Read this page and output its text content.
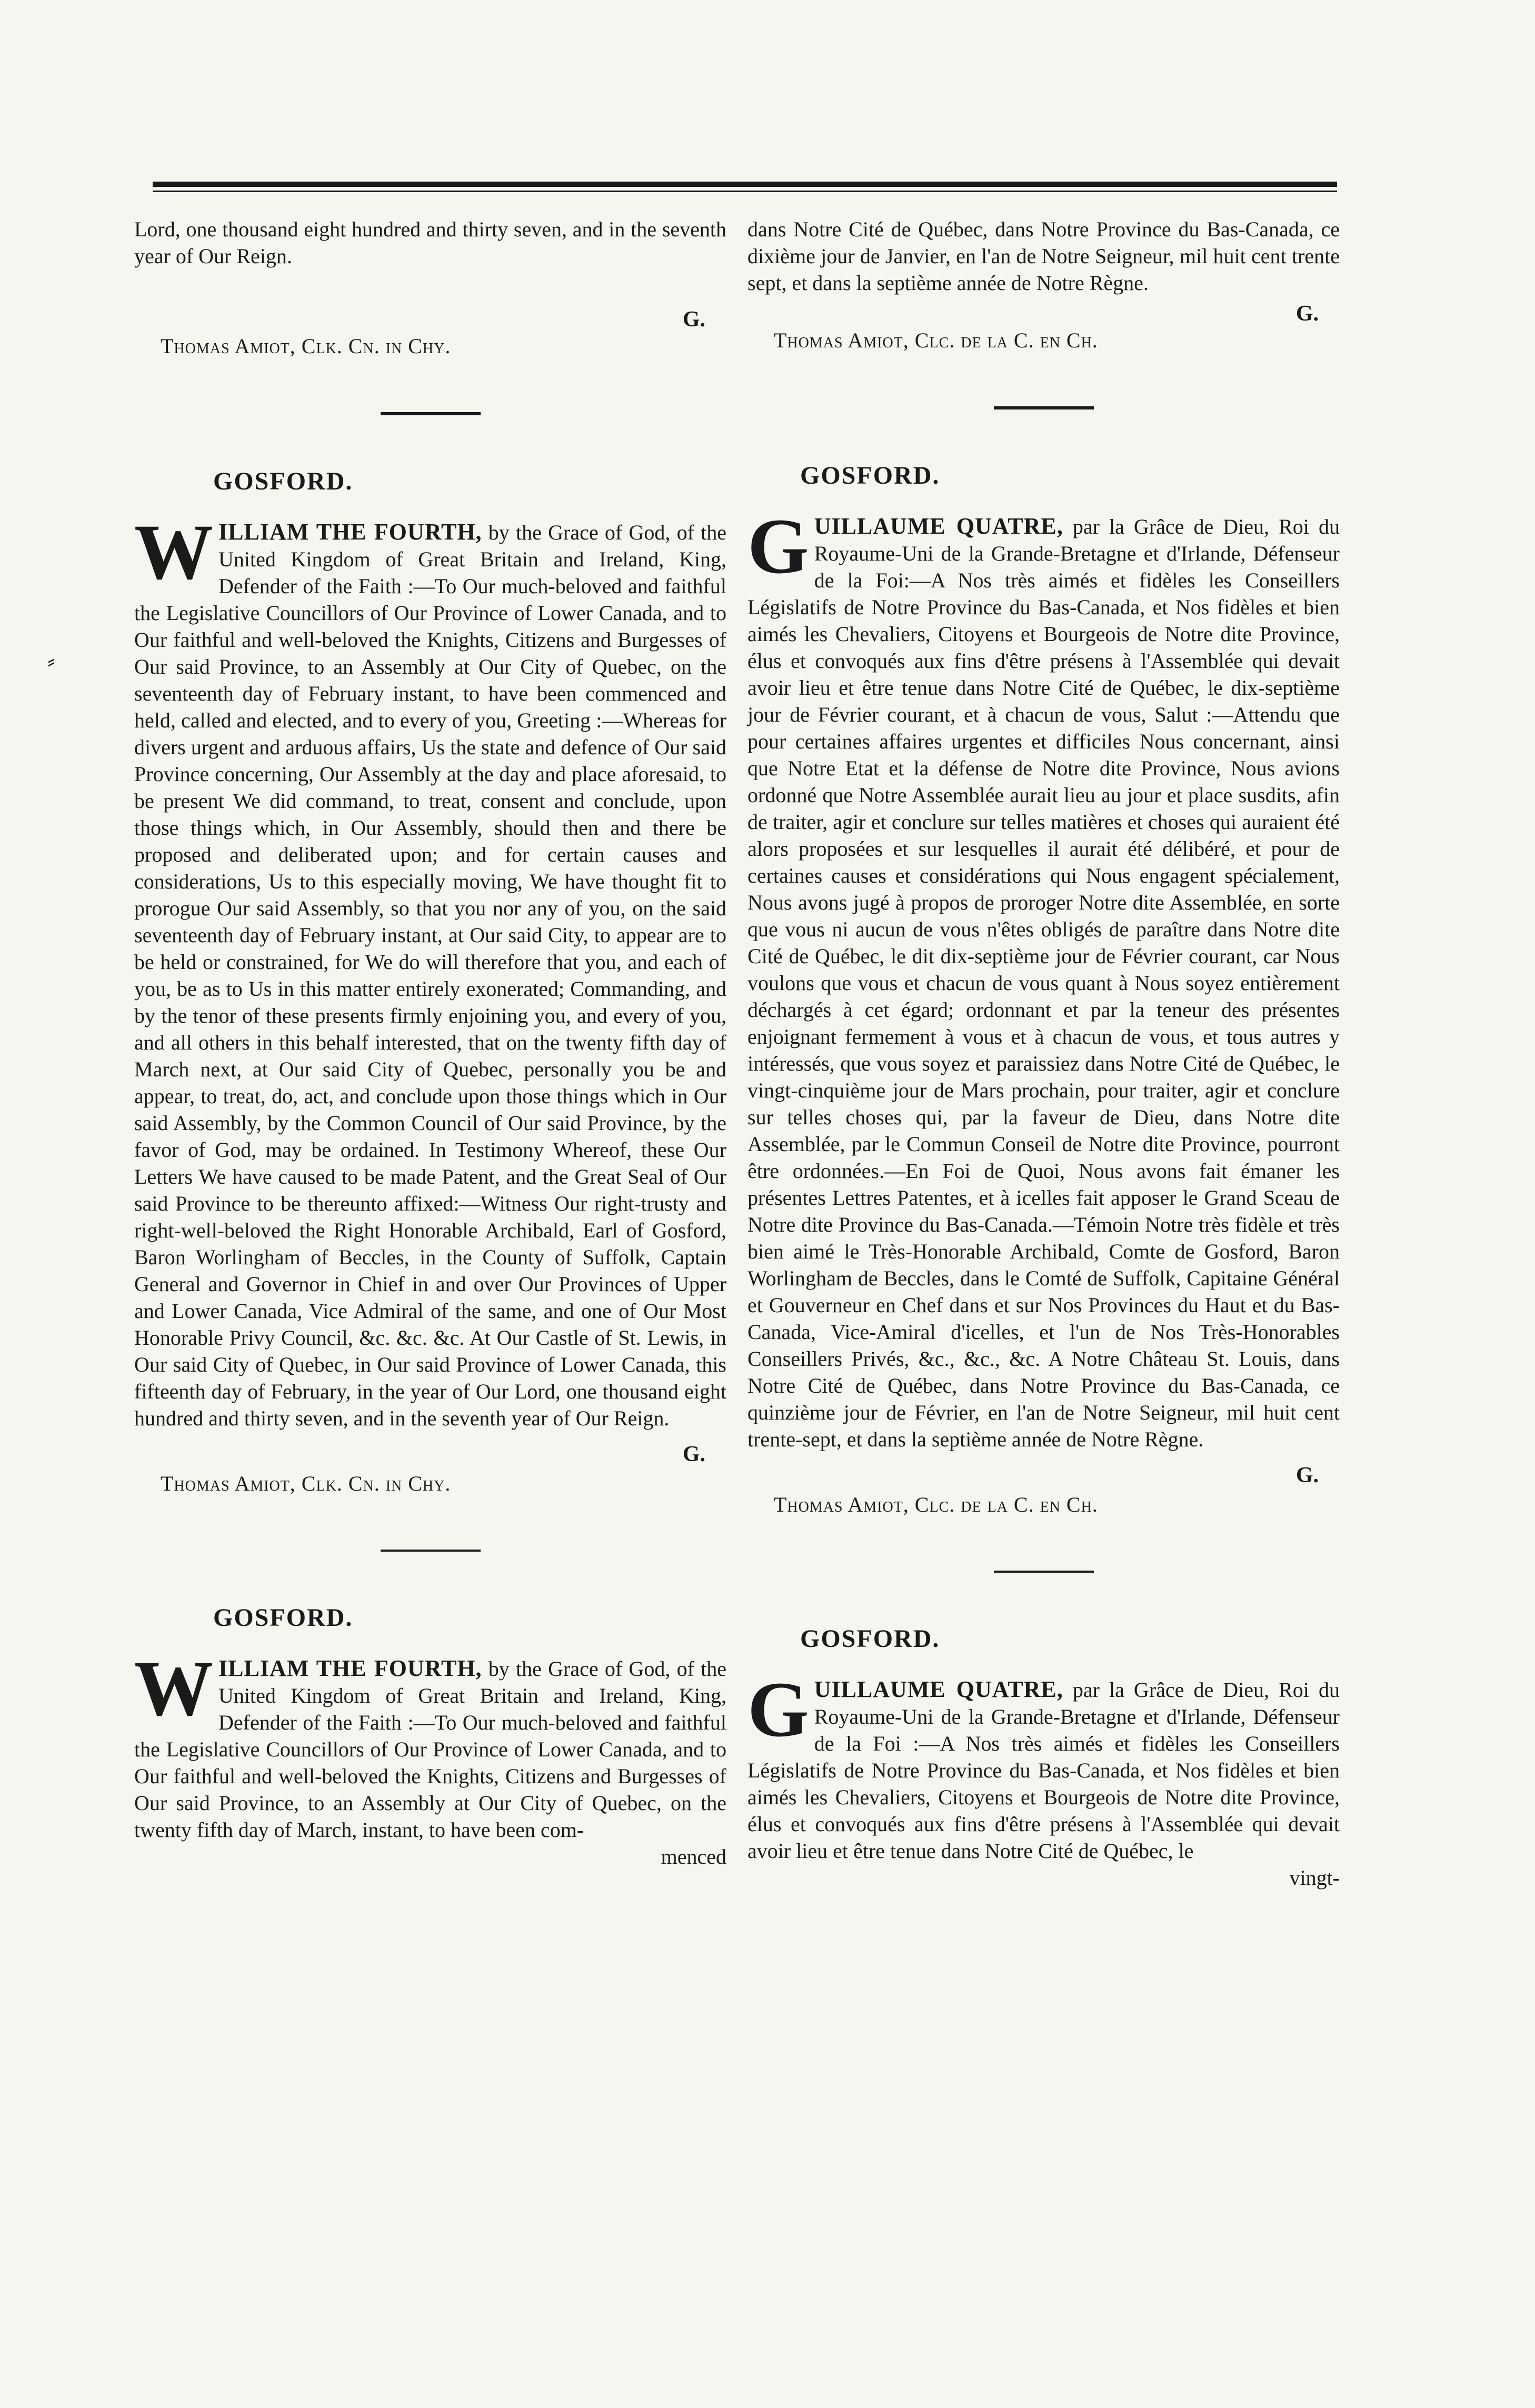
⸗

Lord, one thousand eight hundred and thirty seven, and in the seventh year of Our Reign.

G.
Thomas Amiot, Clk. Cn. in Chy.
GOSFORD.

W ILLIAM THE FOURTH, by the Grace of God, of the United Kingdom of Great Britain and Ireland, King, Defender of the Faith :—To Our much-beloved and faithful the Legislative Councillors of Our Province of Lower Canada, and to Our faithful and well-beloved the Knights, Citizens and Burgesses of Our said Province, to an Assembly at Our City of Quebec, on the seventeenth day of February instant, to have been commenced and held, called and elected, and to every of you, Greeting :—Whereas for divers urgent and arduous affairs, Us the state and defence of Our said Province concerning, Our Assembly at the day and place aforesaid, to be present We did command, to treat, consent and conclude, upon those things which, in Our Assembly, should then and there be proposed and deliberated upon; and for certain causes and considerations, Us to this especially moving, We have thought fit to prorogue Our said Assembly, so that you nor any of you, on the said seventeenth day of February instant, at Our said City, to appear are to be held or constrained, for We do will therefore that you, and each of you, be as to Us in this matter entirely exonerated; Commanding, and by the tenor of these presents firmly enjoining you, and every of you, and all others in this behalf interested, that on the twenty fifth day of March next, at Our said City of Quebec, personally you be and appear, to treat, do, act, and conclude upon those things which in Our said Assembly, by the Common Council of Our said Province, by the favor of God, may be ordained. In Testimony Whereof, these Our Letters We have caused to be made Patent, and the Great Seal of Our said Province to be thereunto affixed:—Witness Our right-trusty and right-well-beloved the Right Honorable Archibald, Earl of Gosford, Baron Worlingham of Beccles, in the County of Suffolk, Captain General and Governor in Chief in and over Our Provinces of Upper and Lower Canada, Vice Admiral of the same, and one of Our Most Honorable Privy Council, &c. &c. &c. At Our Castle of St. Lewis, in Our said City of Quebec, in Our said Province of Lower Canada, this fifteenth day of February, in the year of Our Lord, one thousand eight hundred and thirty seven, and in the seventh year of Our Reign.

G.
Thomas Amiot, Clk. Cn. in Chy.
GOSFORD.

W ILLIAM THE FOURTH, by the Grace of God, of the United Kingdom of Great Britain and Ireland, King, Defender of the Faith :—To Our much-beloved and faithful the Legislative Councillors of Our Province of Lower Canada, and to Our faithful and well-beloved the Knights, Citizens and Burgesses of Our said Province, to an Assembly at Our City of Quebec, on the twenty fifth day of March, instant, to have been com-

menced

dans Notre Cité de Québec, dans Notre Province du Bas-Canada, ce dixième jour de Janvier, en l'an de Notre Seigneur, mil huit cent trente sept, et dans la septième année de Notre Règne.

G.
Thomas Amiot, Clc. de la C. en Ch.
GOSFORD.

G UILLAUME QUATRE, par la Grâce de Dieu, Roi du Royaume-Uni de la Grande-Bretagne et d'Irlande, Défenseur de la Foi:—A Nos très aimés et fidèles les Conseillers Législatifs de Notre Province du Bas-Canada, et Nos fidèles et bien aimés les Chevaliers, Citoyens et Bourgeois de Notre dite Province, élus et convoqués aux fins d'être présens à l'Assemblée qui devait avoir lieu et être tenue dans Notre Cité de Québec, le dix-septième jour de Février courant, et à chacun de vous, Salut :—Attendu que pour certaines affaires urgentes et difficiles Nous concernant, ainsi que Notre Etat et la défense de Notre dite Province, Nous avions ordonné que Notre Assemblée aurait lieu au jour et place susdits, afin de traiter, agir et conclure sur telles matières et choses qui auraient été alors proposées et sur lesquelles il aurait été délibéré, et pour de certaines causes et considérations qui Nous engagent spécialement, Nous avons jugé à propos de proroger Notre dite Assemblée, en sorte que vous ni aucun de vous n'êtes obligés de paraître dans Notre dite Cité de Québec, le dit dix-septième jour de Février courant, car Nous voulons que vous et chacun de vous quant à Nous soyez entièrement déchargés à cet égard; ordonnant et par la teneur des présentes enjoignant fermement à vous et à chacun de vous, et tous autres y intéressés, que vous soyez et paraissiez dans Notre Cité de Québec, le vingt-cinquième jour de Mars prochain, pour traiter, agir et conclure sur telles choses qui, par la faveur de Dieu, dans Notre dite Assemblée, par le Commun Conseil de Notre dite Province, pourront être ordonnées.—En Foi de Quoi, Nous avons fait émaner les présentes Lettres Patentes, et à icelles fait apposer le Grand Sceau de Notre dite Province du Bas-Canada.—Témoin Notre très fidèle et très bien aimé le Très-Honorable Archibald, Comte de Gosford, Baron Worlingham de Beccles, dans le Comté de Suffolk, Capitaine Général et Gouverneur en Chef dans et sur Nos Provinces du Haut et du Bas-Canada, Vice-Amiral d'icelles, et l'un de Nos Très-Honorables Conseillers Privés, &c., &c., &c. A Notre Château St. Louis, dans Notre Cité de Québec, dans Notre Province du Bas-Canada, ce quinzième jour de Février, en l'an de Notre Seigneur, mil huit cent trente-sept, et dans la septième année de Notre Règne.

G.
Thomas Amiot, Clc. de la C. en Ch.
GOSFORD.

G UILLAUME QUATRE, par la Grâce de Dieu, Roi du Royaume-Uni de la Grande-Bretagne et d'Irlande, Défenseur de la Foi :—A Nos très aimés et fidèles les Conseillers Législatifs de Notre Province du Bas-Canada, et Nos fidèles et bien aimés les Chevaliers, Citoyens et Bourgeois de Notre dite Province, élus et convoqués aux fins d'être présens à l'Assemblée qui devait avoir lieu et être tenue dans Notre Cité de Québec, le

vingt-
